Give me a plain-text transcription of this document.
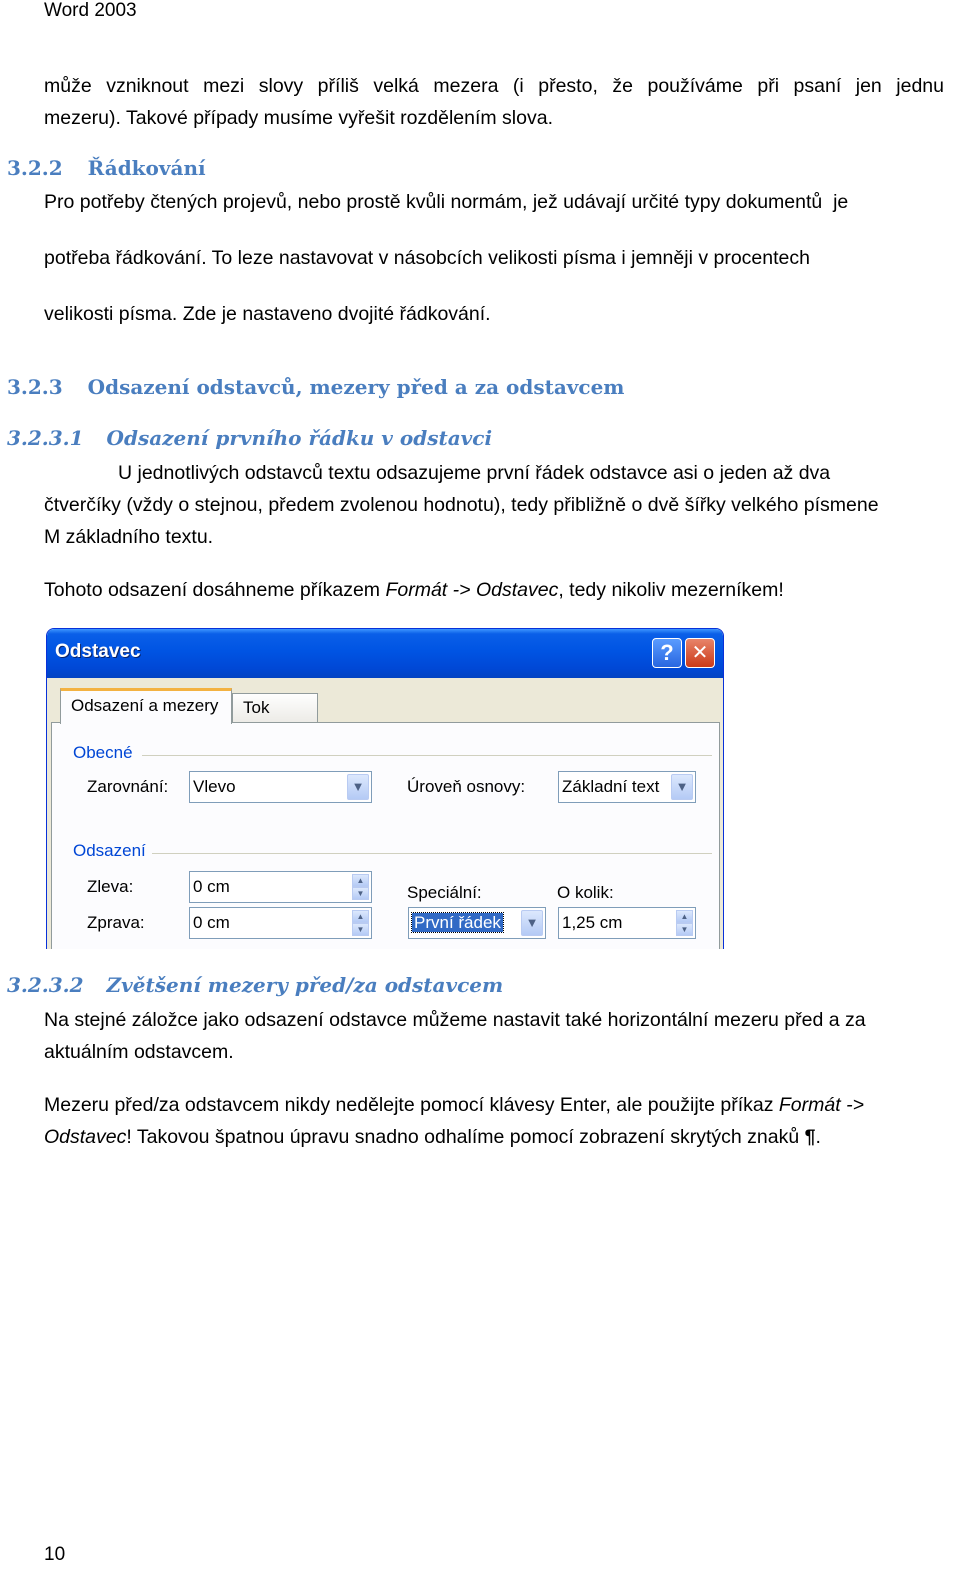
Word 2003
může vzniknout mezi slovy příliš velká mezera (i přesto, že používáme při psaní jen jednu
mezeru). Takové případy musíme vyřešit rozdělením slova.
3.2.2 Řádkování
Pro potřeby čtených projevů, nebo prostě kvůli normám, jež udávají určité typy dokumentů  je
potřeba řádkování. To leze nastavovat v násobcích velikosti písma i jemněji v procentech
velikosti písma. Zde je nastaveno dvojité řádkování.
3.2.3 Odsazení odstavců, mezery před a za odstavcem
3.2.3.1 Odsazení prvního řádku v odstavci
U jednotlivých odstavců textu odsazujeme první řádek odstavce asi o jeden až dva
čtverčíky (vždy o stejnou, předem zvolenou hodnotu), tedy přibližně o dvě šířky velkého písmene
M základního textu.
Tohoto odsazení dosáhneme příkazem Formát -> Odstavec, tedy nikoliv mezerníkem!
Odstavec	? ✕
Odsazení a mezery	Tok
Obecné
Zarovnání: Vlevo	▼	Úroveň osnovy: Základní text	▼
Odsazení
Zleva:	0 cm	▲
▼
Zprava:	0 cm	▲
▼
Speciální:
První řádek	▼
O kolik:
1,25 cm	▲
▼
3.2.3.2 Zvětšení mezery před/za odstavcem
Na stejné záložce jako odsazení odstavce můžeme nastavit také horizontální mezeru před a za
aktuálním odstavcem.
Mezeru před/za odstavcem nikdy nedělejte pomocí klávesy Enter, ale použijte příkaz Formát ->
Odstavec! Takovou špatnou úpravu snadno odhalíme pomocí zobrazení skrytých znaků ¶.
10
